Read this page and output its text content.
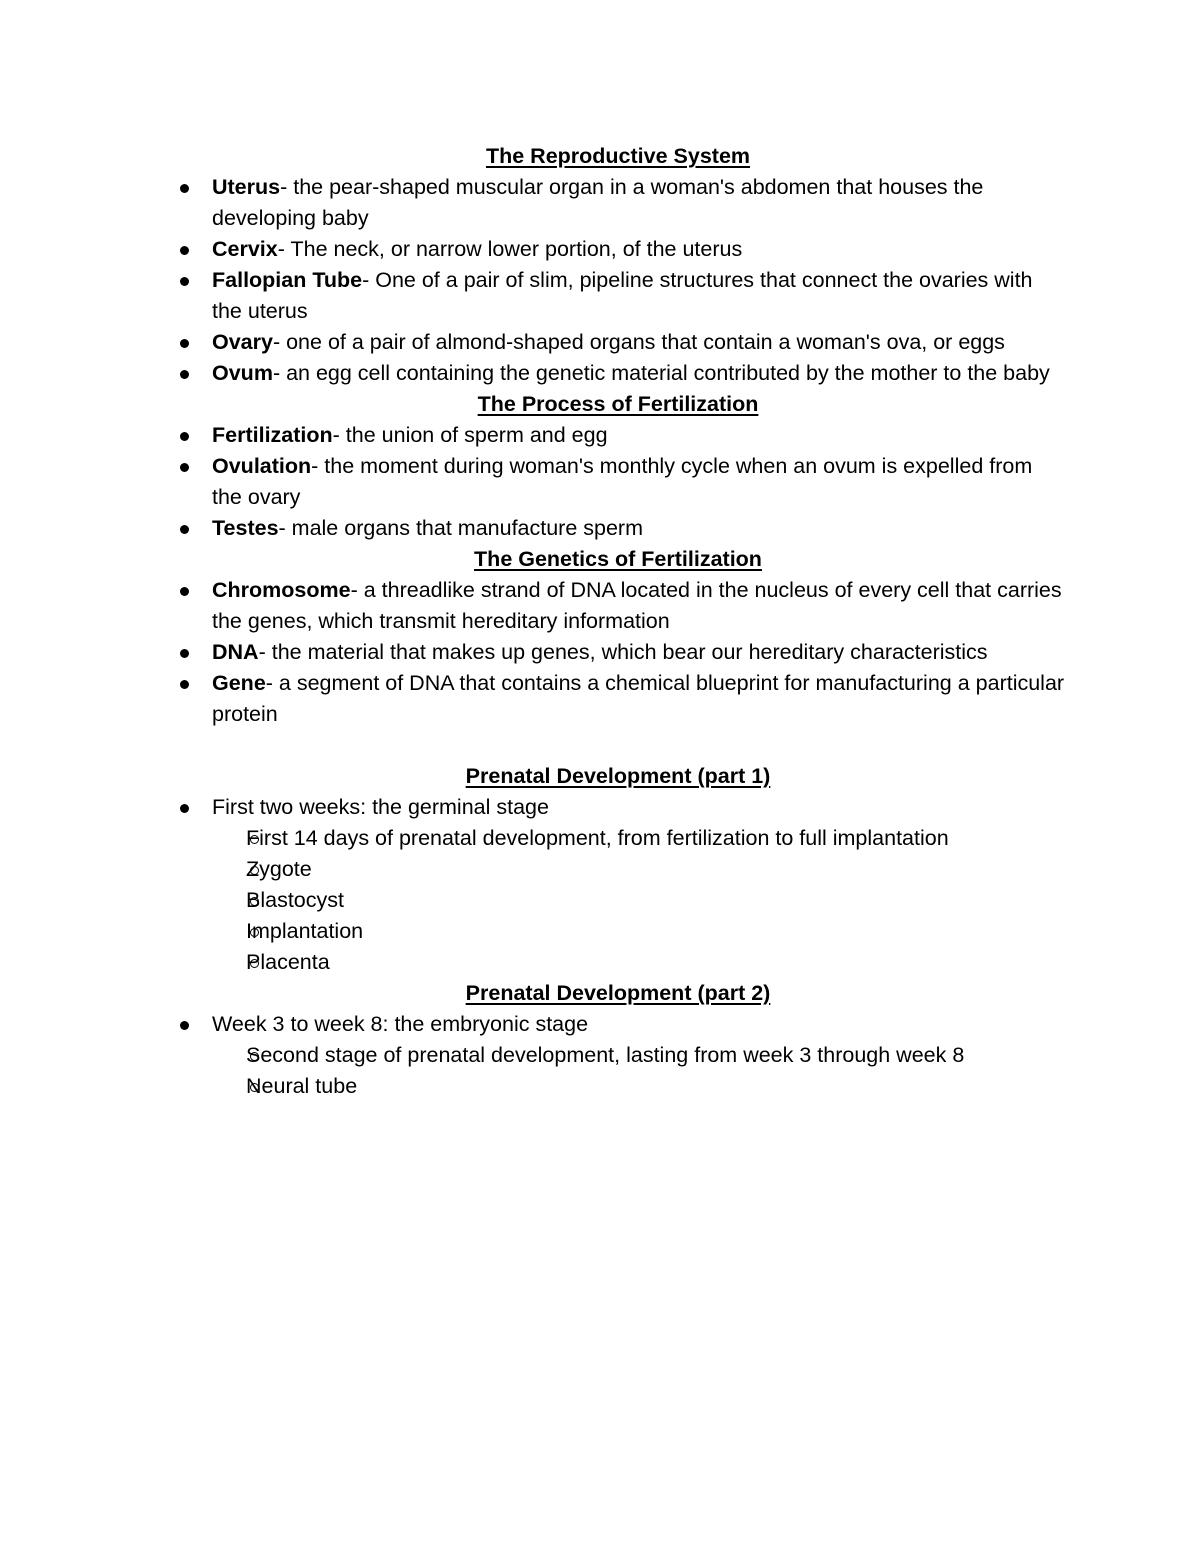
The Reproductive System
Uterus- the pear-shaped muscular organ in a woman's abdomen that houses the developing baby
Cervix- The neck, or narrow lower portion, of the uterus
Fallopian Tube- One of a pair of slim, pipeline structures that connect the ovaries with the uterus
Ovary- one of a pair of almond-shaped organs that contain a woman's ova, or eggs
Ovum- an egg cell containing the genetic material contributed by the mother to the baby
The Process of Fertilization
Fertilization- the union of sperm and egg
Ovulation- the moment during woman's monthly cycle when an ovum is expelled from the ovary
Testes- male organs that manufacture sperm
The Genetics of Fertilization
Chromosome- a threadlike strand of DNA located in the nucleus of every cell that carries the genes, which transmit hereditary information
DNA- the material that makes up genes, which bear our hereditary characteristics
Gene- a segment of DNA that contains a chemical blueprint for manufacturing a particular protein
Prenatal Development (part 1)
First two weeks: the germinal stage
First 14 days of prenatal development, from fertilization to full implantation
Zygote
Blastocyst
Implantation
Placenta
Prenatal Development (part 2)
Week 3 to week 8: the embryonic stage
Second stage of prenatal development, lasting from week 3 through week 8
Neural tube
